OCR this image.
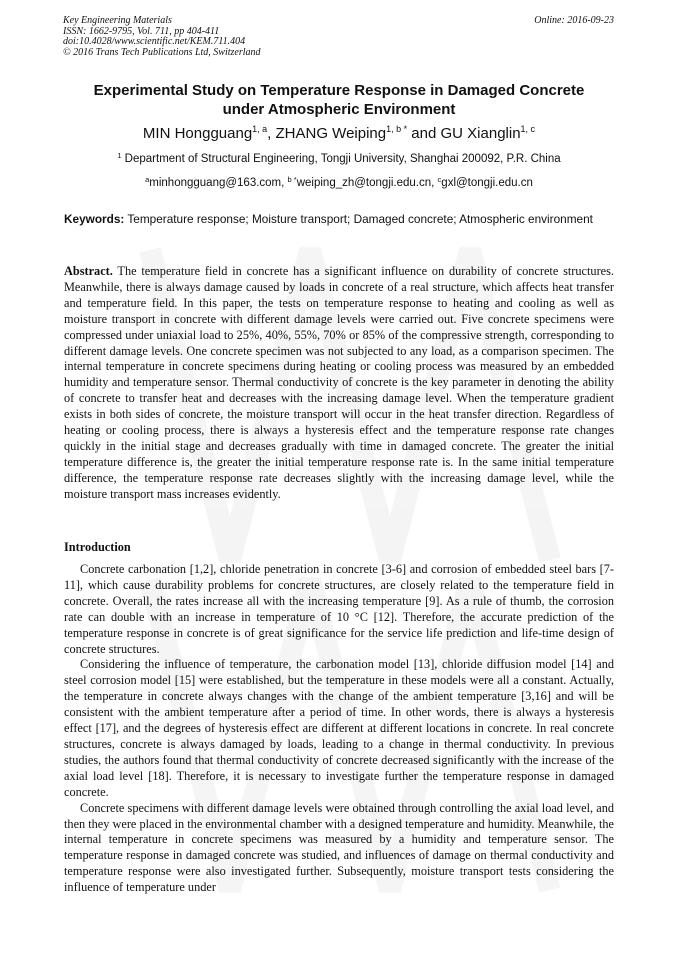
Key Engineering Materials
ISSN: 1662-9795, Vol. 711, pp 404-411
doi:10.4028/www.scientific.net/KEM.711.404
© 2016 Trans Tech Publications Ltd, Switzerland
Online: 2016-09-23
Experimental Study on Temperature Response in Damaged Concrete
under Atmospheric Environment
MIN Hongguang$^{1, a}$, ZHANG Weiping$^{1, b *}$ and GU Xianglin$^{1, c}$
$^1$ Department of Structural Engineering, Tongji University, Shanghai 200092, P.R. China
$^a$minhongguang@163.com, $^{b *}$weiping_zh@tongji.edu.cn, $^c$gxl@tongji.edu.cn
Keywords: Temperature response; Moisture transport; Damaged concrete; Atmospheric environment

Abstract. The temperature field in concrete has a significant influence on durability of concrete structures. Meanwhile, there is always damage caused by loads in concrete of a real structure, which affects heat transfer and temperature field. In this paper, the tests on temperature response to heating and cooling as well as moisture transport in concrete with different damage levels were carried out. Five concrete specimens were compressed under uniaxial load to 25%, 40%, 55%, 70% or 85% of the compressive strength, corresponding to different damage levels. One concrete specimen was not subjected to any load, as a comparison specimen. The internal temperature in concrete specimens during heating or cooling process was measured by an embedded humidity and temperature sensor. Thermal conductivity of concrete is the key parameter in denoting the ability of concrete to transfer heat and decreases with the increasing damage level. When the temperature gradient exists in both sides of concrete, the moisture transport will occur in the heat transfer direction. Regardless of heating or cooling process, there is always a hysteresis effect and the temperature response rate changes quickly in the initial stage and decreases gradually with time in damaged concrete. The greater the initial temperature difference is, the greater the initial temperature response rate is. In the same initial temperature difference, the temperature response rate decreases slightly with the increasing damage level, while the moisture transport mass increases evidently.

Introduction

Concrete carbonation [1,2], chloride penetration in concrete [3-6] and corrosion of embedded steel bars [7-11], which cause durability problems for concrete structures, are closely related to the temperature field in concrete. Overall, the rates increase all with the increasing temperature [9]. As a rule of thumb, the corrosion rate can double with an increase in temperature of 10 °C [12]. Therefore, the accurate prediction of the temperature response in concrete is of great significance for the service life prediction and life-time design of concrete structures.

Considering the influence of temperature, the carbonation model [13], chloride diffusion model [14] and steel corrosion model [15] were established, but the temperature in these models were all a constant. Actually, the temperature in concrete always changes with the change of the ambient temperature [3,16] and will be consistent with the ambient temperature after a period of time. In other words, there is always a hysteresis effect [17], and the degrees of hysteresis effect are different at different locations in concrete. In real concrete structures, concrete is always damaged by loads, leading to a change in thermal conductivity. In previous studies, the authors found that thermal conductivity of concrete decreased significantly with the increase of the axial load level [18]. Therefore, it is necessary to investigate further the temperature response in damaged concrete.

Concrete specimens with different damage levels were obtained through controlling the axial load level, and then they were placed in the environmental chamber with a designed temperature and humidity. Meanwhile, the internal temperature in concrete specimens was measured by a humidity and temperature sensor. The temperature response in damaged concrete was studied, and influences of damage on thermal conductivity and temperature response were also investigated further. Subsequently, moisture transport tests considering the influence of temperature under
